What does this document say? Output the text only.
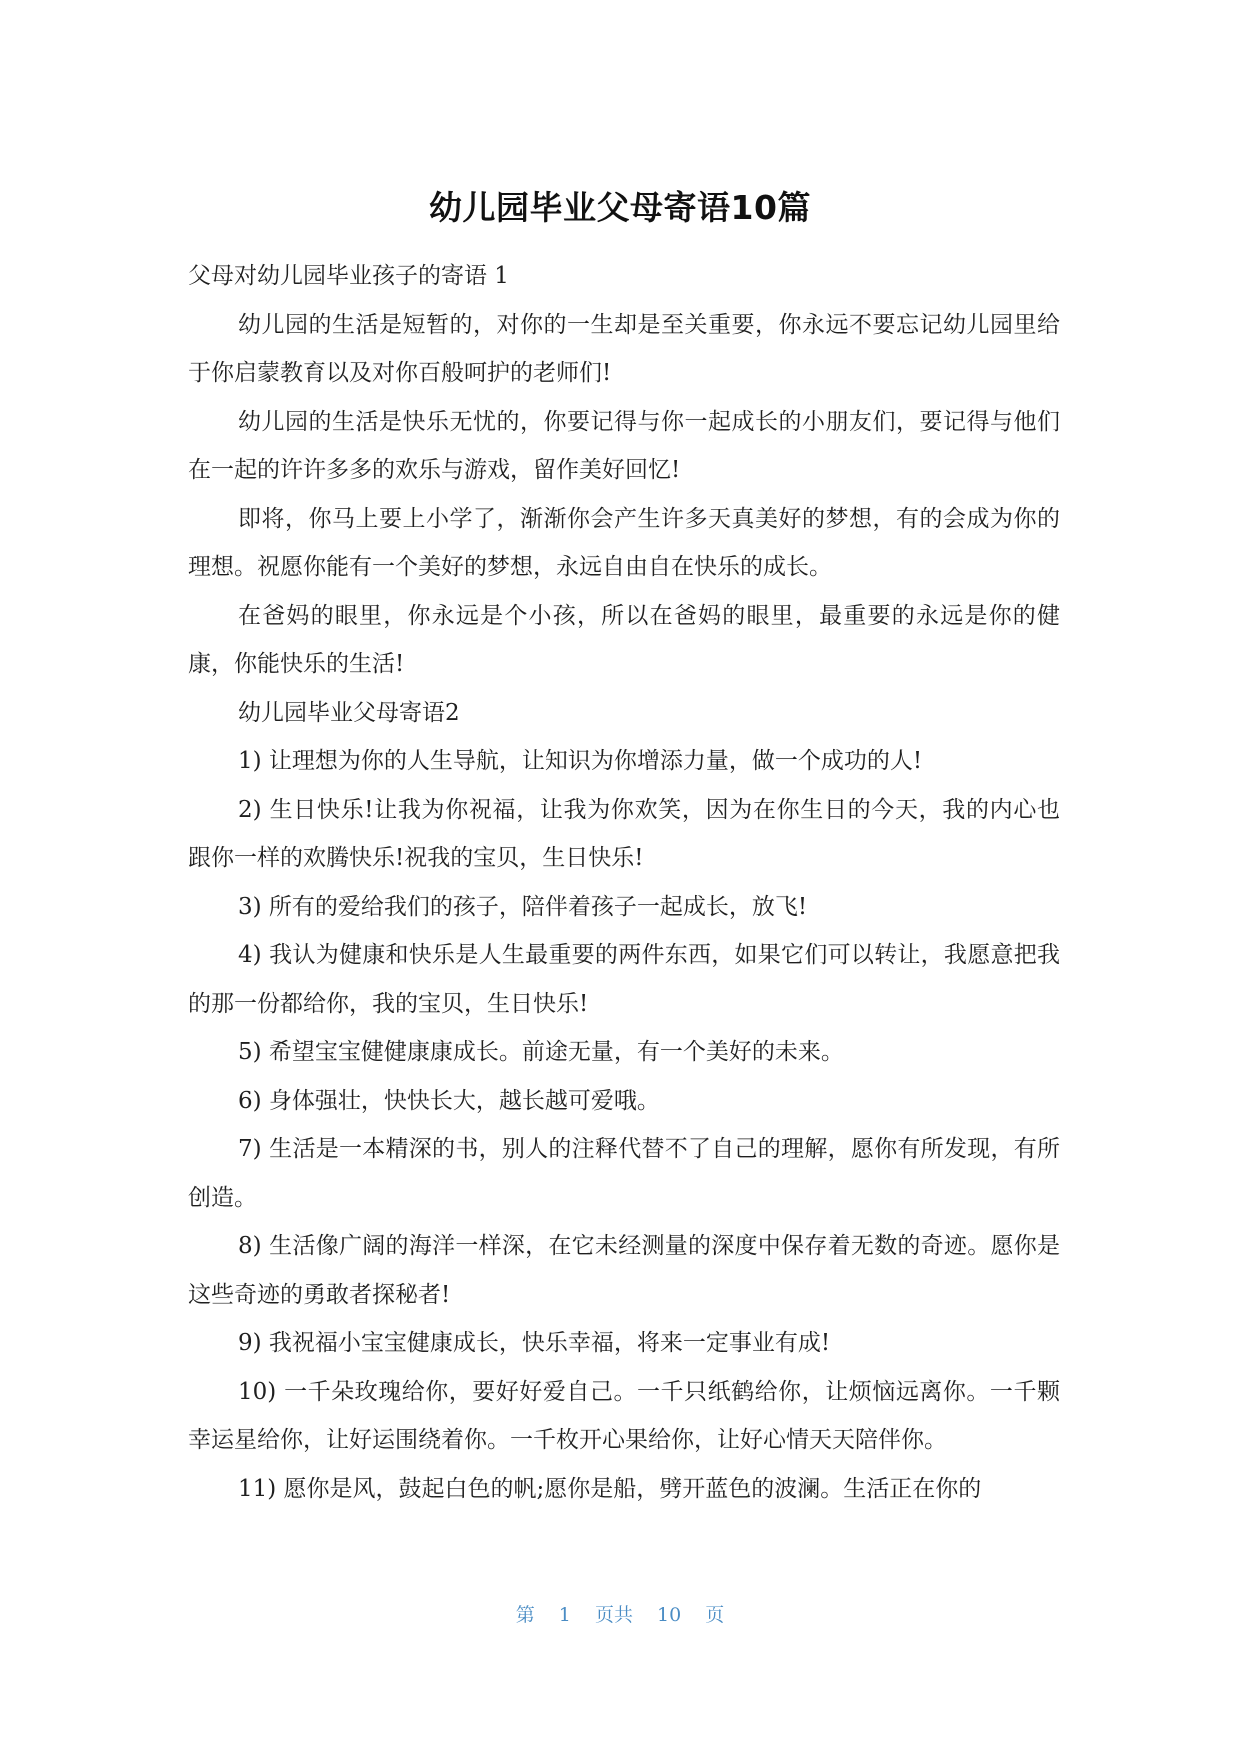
幼儿园毕业父母寄语10篇

父母对幼儿园毕业孩子的寄语 1

幼儿园的生活是短暂的，对你的一生却是至关重要，你永远不要忘记幼儿园里给于你启蒙教育以及对你百般呵护的老师们!

幼儿园的生活是快乐无忧的，你要记得与你一起成长的小朋友们，要记得与他们在一起的许许多多的欢乐与游戏，留作美好回忆!

即将，你马上要上小学了，渐渐你会产生许多天真美好的梦想，有的会成为你的理想。祝愿你能有一个美好的梦想，永远自由自在快乐的成长。

在爸妈的眼里，你永远是个小孩，所以在爸妈的眼里，最重要的永远是你的健康，你能快乐的生活!

幼儿园毕业父母寄语2

1) 让理想为你的人生导航，让知识为你增添力量，做一个成功的人!

2) 生日快乐!让我为你祝福，让我为你欢笑，因为在你生日的今天，我的内心也跟你一样的欢腾快乐!祝我的宝贝，生日快乐!

3) 所有的爱给我们的孩子，陪伴着孩子一起成长，放飞!

4) 我认为健康和快乐是人生最重要的两件东西，如果它们可以转让，我愿意把我的那一份都给你，我的宝贝，生日快乐!

5) 希望宝宝健健康康成长。前途无量，有一个美好的未来。

6) 身体强壮，快快长大，越长越可爱哦。

7) 生活是一本精深的书，别人的注释代替不了自己的理解，愿你有所发现，有所创造。

8) 生活像广阔的海洋一样深，在它未经测量的深度中保存着无数的奇迹。愿你是这些奇迹的勇敢者探秘者!

9) 我祝福小宝宝健康成长，快乐幸福，将来一定事业有成!

10) 一千朵玫瑰给你，要好好爱自己。一千只纸鹤给你，让烦恼远离你。一千颗幸运星给你，让好运围绕着你。一千枚开心果给你，让好心情天天陪伴你。

11) 愿你是风，鼓起白色的帆;愿你是船，劈开蓝色的波澜。生活正在你的

第 1 页共 10 页
